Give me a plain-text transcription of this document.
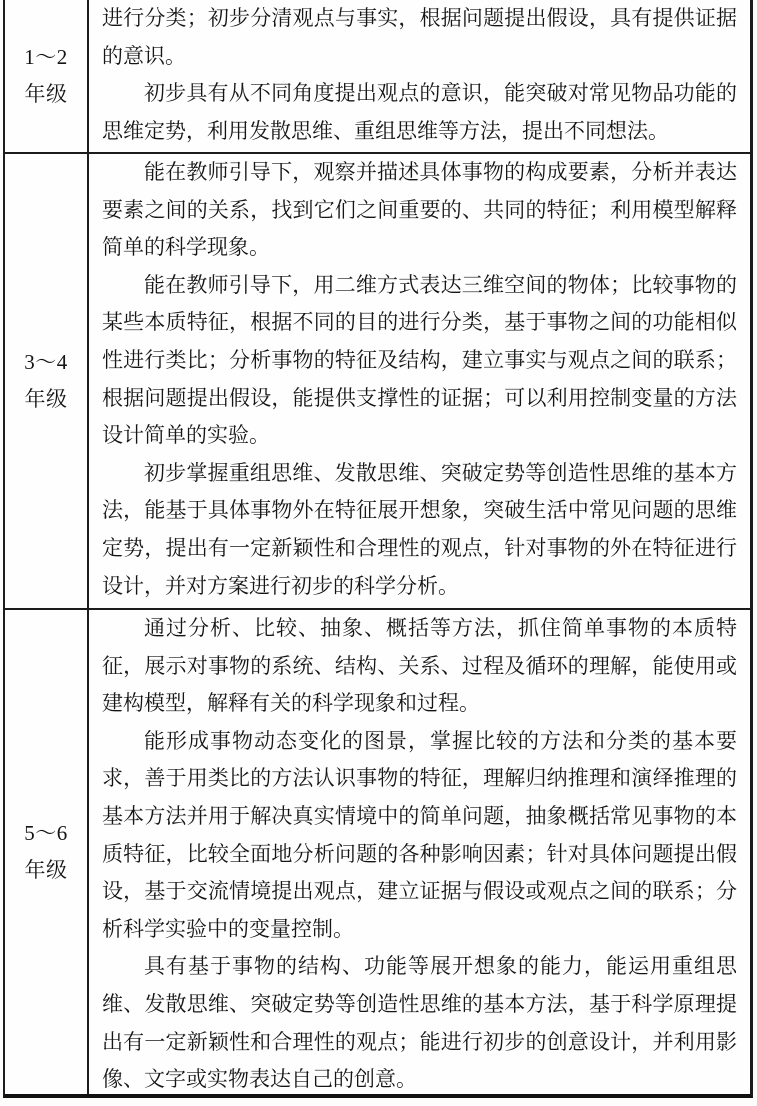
1～2
年级

进行分类；初步分清观点与事实，根据问题提出假设，具有提供证据的意识。

初步具有从不同角度提出观点的意识，能突破对常见物品功能的思维定势，利用发散思维、重组思维等方法，提出不同想法。

3～4
年级

能在教师引导下，观察并描述具体事物的构成要素，分析并表达要素之间的关系，找到它们之间重要的、共同的特征；利用模型解释简单的科学现象。

能在教师引导下，用二维方式表达三维空间的物体；比较事物的某些本质特征，根据不同的目的进行分类，基于事物之间的功能相似性进行类比；分析事物的特征及结构，建立事实与观点之间的联系；根据问题提出假设，能提供支撑性的证据；可以利用控制变量的方法设计简单的实验。

初步掌握重组思维、发散思维、突破定势等创造性思维的基本方法，能基于具体事物外在特征展开想象，突破生活中常见问题的思维定势，提出有一定新颖性和合理性的观点，针对事物的外在特征进行设计，并对方案进行初步的科学分析。

5～6
年级

通过分析、比较、抽象、概括等方法，抓住简单事物的本质特征，展示对事物的系统、结构、关系、过程及循环的理解，能使用或建构模型，解释有关的科学现象和过程。

能形成事物动态变化的图景，掌握比较的方法和分类的基本要求，善于用类比的方法认识事物的特征，理解归纳推理和演绎推理的基本方法并用于解决真实情境中的简单问题，抽象概括常见事物的本质特征，比较全面地分析问题的各种影响因素；针对具体问题提出假设，基于交流情境提出观点，建立证据与假设或观点之间的联系；分析科学实验中的变量控制。

具有基于事物的结构、功能等展开想象的能力，能运用重组思维、发散思维、突破定势等创造性思维的基本方法，基于科学原理提出有一定新颖性和合理性的观点；能进行初步的创意设计，并利用影像、文字或实物表达自己的创意。
